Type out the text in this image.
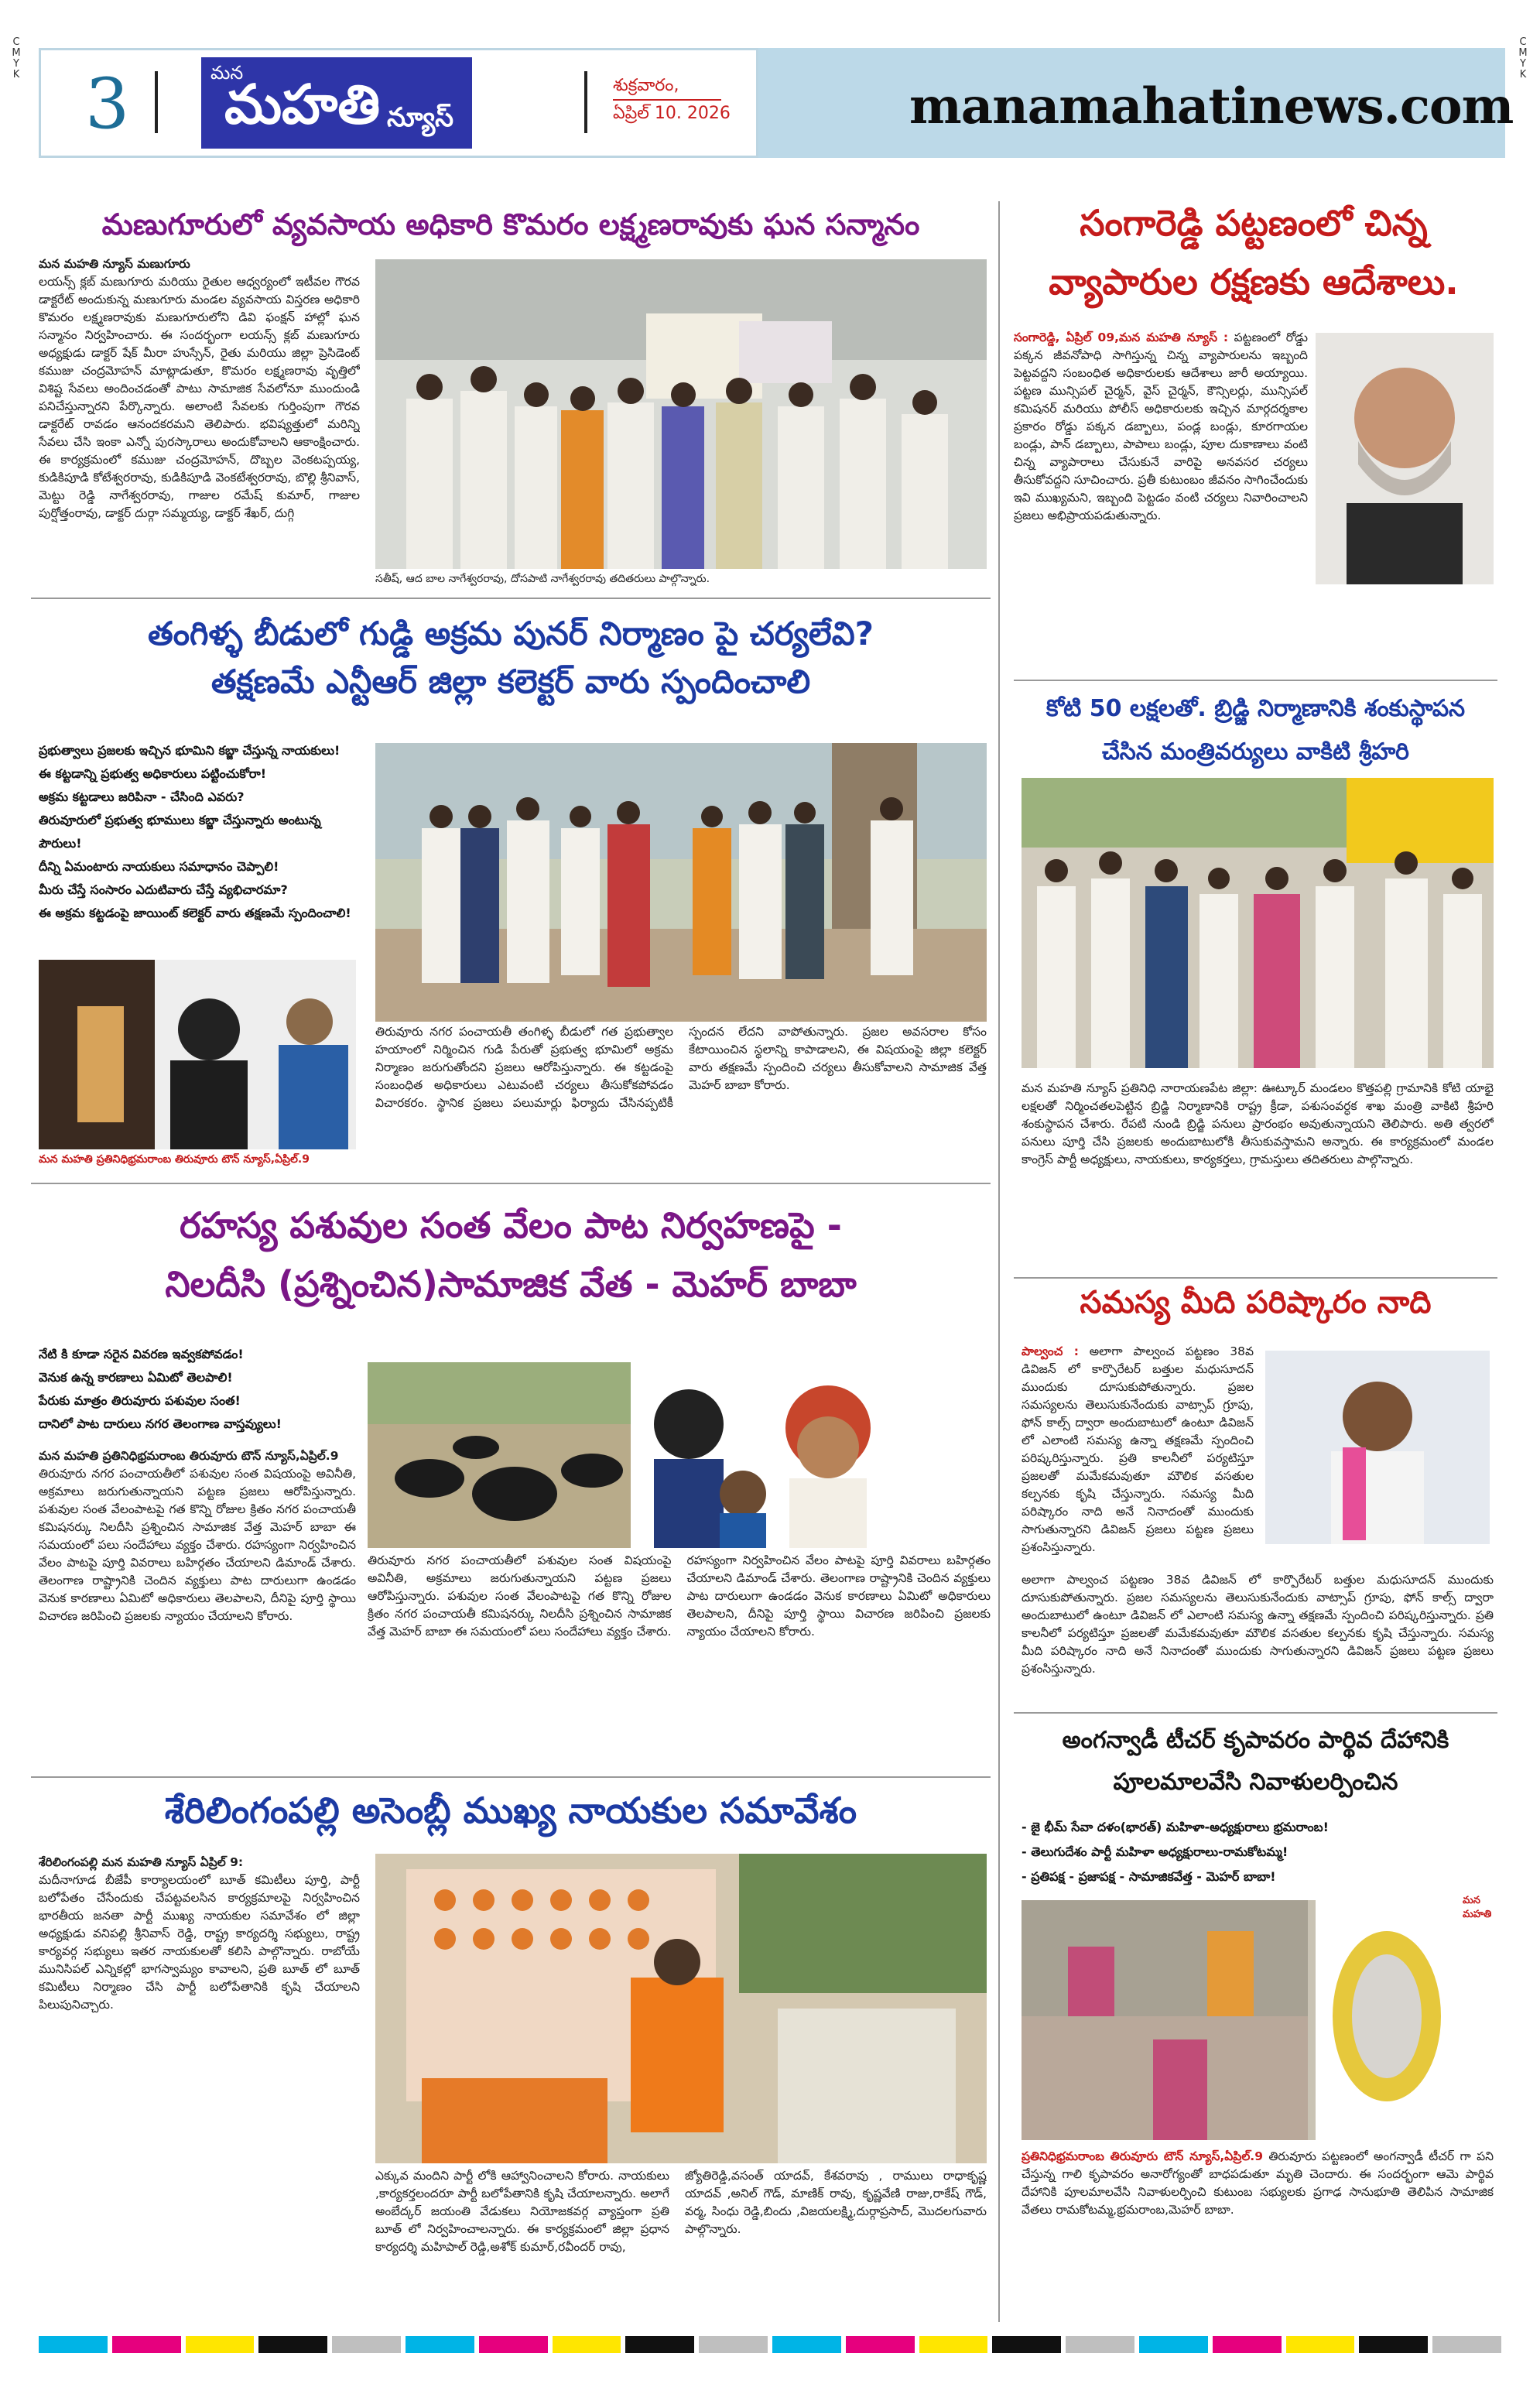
C
M
Y
K
C
M
Y
K
3	మన
మహతి న్యూస్
శుక్రవారం,
ఏప్రిల్ 10. 2026	manamahatinews.com
మణుగూరులో వ్యవసాయ అధికారి కొమరం లక్ష్మణరావుకు ఘన సన్మానం
మన మహతి న్యూస్ మణుగూరు
లయన్స్ క్లబ్ మణుగూరు మరియు రైతుల ఆధ్వర్యంలో ఇటీవల గౌరవ డాక్టరేట్ అందుకున్న మణుగూరు మండల వ్యవసాయ విస్తరణ అధికారి కొమరం లక్ష్మణరావుకు మణుగూరులోని డివి ఫంక్షన్ హాల్లో ఘన సన్మానం నిర్వహించారు. ఈ సందర్భంగా లయన్స్ క్లబ్ మణుగూరు అధ్యక్షుడు డాక్టర్ షేక్ మీరా హుస్సేన్, రైతు మరియు జిల్లా ప్రెసిడెంట్ కముజు చంద్రమోహన్ మాట్లాడుతూ, కొమరం లక్ష్మణరావు వృత్తిలో విశిష్ట సేవలు అందించడంతో పాటు సామాజిక సేవలోనూ ముందుండి పనిచేస్తున్నారని పేర్కొన్నారు. అలాంటి సేవలకు గుర్తింపుగా గౌరవ డాక్టరేట్ రావడం ఆనందకరమని తెలిపారు. భవిష్యత్తులో మరిన్ని సేవలు చేసి ఇంకా ఎన్నో పురస్కారాలు అందుకోవాలని ఆకాంక్షించారు. ఈ కార్యక్రమంలో కముజు చంద్రమోహన్, దొబ్బల వెంకటప్పయ్య, కుడికిపూడి కోటేశ్వరరావు, కుడికిపూడి వెంకటేశ్వరరావు, బొల్లి శ్రీనివాస్, మెట్టు రెడ్డి నాగేశ్వరరావు, గాజుల రమేష్ కుమార్, గాజుల పుర్షోత్తంరావు, డాక్టర్ దుర్గా సమ్మయ్య, డాక్టర్ శేఖర్, దుగ్గి
సతీష్, ఆద బాల నాగేశ్వరరావు, దోసపాటి నాగేశ్వరరావు తదితరులు పాల్గొన్నారు.
తంగిళ్ళ బీడులో గుడ్డి అక్రమ పునర్ నిర్మాణం పై చర్యలేవి?
తక్షణమే ఎన్టీఆర్ జిల్లా కలెక్టర్ వారు స్పందించాలి
ప్రభుత్వాలు ప్రజలకు ఇచ్చిన భూమిని కబ్జా చేస్తున్న నాయకులు!
ఈ కట్టడాన్ని ప్రభుత్వ అధికారులు పట్టించుకోరా!
అక్రమ కట్టడాలు జరిపినా - చేసింది ఎవరు?
తిరువూరులో ప్రభుత్వ భూములు కబ్జా చేస్తున్నారు అంటున్న పౌరులు!
దీన్ని ఏమంటారు నాయకులు సమాధానం చెప్పాలి!
మీరు చేస్తే సంసారం ఎదుటివారు చేస్తే వ్యభిచారమా?
ఈ అక్రమ కట్టడంపై జాయింట్ కలెక్టర్ వారు తక్షణమే స్పందించాలి!
మన మహతి ప్రతినిధిభ్రమరాంబ తిరువూరు టౌన్ న్యూస్,ఏప్రిల్.9
తిరువూరు నగర పంచాయతీ తంగిళ్ళ బీడులో గత ప్రభుత్వాల హయాంలో నిర్మించిన గుడి పేరుతో ప్రభుత్వ భూమిలో అక్రమ నిర్మాణం జరుగుతోందని ప్రజలు ఆరోపిస్తున్నారు. ఈ కట్టడంపై సంబంధిత అధికారులు ఎటువంటి చర్యలు తీసుకోకపోవడం విచారకరం. స్థానిక ప్రజలు పలుమార్లు ఫిర్యాదు చేసినప్పటికీ స్పందన లేదని వాపోతున్నారు. ప్రజల అవసరాల కోసం కేటాయించిన స్థలాన్ని కాపాడాలని, ఈ విషయంపై జిల్లా కలెక్టర్ వారు తక్షణమే స్పందించి చర్యలు తీసుకోవాలని సామాజిక వేత్త మెహర్ బాబా కోరారు.
రహస్య పశువుల సంత వేలం పాట నిర్వహణపై -
నిలదీసి (ప్రశ్నించిన)సామాజిక వేత - మెహర్ బాబా
నేటి కి కూడా సరైన వివరణ ఇవ్వకపోవడం!
వెనుక ఉన్న కారణాలు ఏమిటో తెలపాలి!
పేరుకు మాత్రం తిరువూరు పశువుల సంత!
దానిలో పాట దారులు నగర తెలంగాణ వాస్తవ్యులు!
మన మహతి ప్రతినిధిభ్రమరాంబ తిరువూరు టౌన్ న్యూస్,ఏప్రిల్.9
తిరువూరు నగర పంచాయతీలో పశువుల సంత విషయంపై అవినీతి, అక్రమాలు జరుగుతున్నాయని పట్టణ ప్రజలు ఆరోపిస్తున్నారు. పశువుల సంత వేలంపాటపై గత కొన్ని రోజుల క్రితం నగర పంచాయతీ కమిషనర్కు నిలదీసి ప్రశ్నించిన సామాజిక వేత్త మెహర్ బాబా ఈ సమయంలో పలు సందేహాలు వ్యక్తం చేశారు. రహస్యంగా నిర్వహించిన వేలం పాటపై పూర్తి వివరాలు బహిర్గతం చేయాలని డిమాండ్ చేశారు. తెలంగాణ రాష్ట్రానికి చెందిన వ్యక్తులు పాట దారులుగా ఉండడం వెనుక కారణాలు ఏమిటో అధికారులు తెలపాలని, దీనిపై పూర్తి స్థాయి విచారణ జరిపించి ప్రజలకు న్యాయం చేయాలని కోరారు.
తిరువూరు నగర పంచాయతీలో పశువుల సంత విషయంపై అవినీతి, అక్రమాలు జరుగుతున్నాయని పట్టణ ప్రజలు ఆరోపిస్తున్నారు. పశువుల సంత వేలంపాటపై గత కొన్ని రోజుల క్రితం నగర పంచాయతీ కమిషనర్కు నిలదీసి ప్రశ్నించిన సామాజిక వేత్త మెహర్ బాబా ఈ సమయంలో పలు సందేహాలు వ్యక్తం చేశారు. రహస్యంగా నిర్వహించిన వేలం పాటపై పూర్తి వివరాలు బహిర్గతం చేయాలని డిమాండ్ చేశారు. తెలంగాణ రాష్ట్రానికి చెందిన వ్యక్తులు పాట దారులుగా ఉండడం వెనుక కారణాలు ఏమిటో అధికారులు తెలపాలని, దీనిపై పూర్తి స్థాయి విచారణ జరిపించి ప్రజలకు న్యాయం చేయాలని కోరారు.
శేరిలింగంపల్లి అసెంబ్లీ ముఖ్య నాయకుల సమావేశం
శేరిలింగంపల్లి మన మహతి న్యూస్ ఏప్రిల్ 9:
మదీనాగూడ బీజేపీ కార్యాలయంలో బూత్ కమిటీలు పూర్తి, పార్టీ బలోపేతం చేసేందుకు చేపట్టవలసిన కార్యక్రమాలపై నిర్వహించిన భారతీయ జనతా పార్టీ ముఖ్య నాయకుల సమావేశం లో జిల్లా అధ్యక్షుడు వనిపల్లి శ్రీనివాస్ రెడ్డి, రాష్ట్ర కార్యదర్శి సభ్యులు, రాష్ట్ర కార్యవర్గ సభ్యులు ఇతర నాయకులతో కలిసి పాల్గొన్నారు. రాబోయే మునిసిపల్ ఎన్నికల్లో భాగస్వామ్యం కావాలని, ప్రతి బూత్ లో బూత్ కమిటీలు నిర్మాణం చేసి పార్టీ బలోపేతానికి కృషి చేయాలని పిలుపునిచ్చారు.
ఎక్కువ మందిని పార్టీ లోకి ఆహ్వానించాలని కోరారు. నాయకులు ,కార్యకర్తలందరూ పార్టీ బలోపేతానికి కృషి చేయాలన్నారు. అలాగే అంబేద్కర్ జయంతి వేడుకలు నియోజకవర్గ వ్యాప్తంగా ప్రతి బూత్ లో నిర్వహించాలన్నారు. ఈ కార్యక్రమంలో జిల్లా ప్రధాన కార్యదర్శి మహిపాల్ రెడ్డి,అశోక్ కుమార్,రవీందర్ రావు,
జ్యోతిరెడ్డి,వసంత్ యాదవ్, కేశవరావు , రాములు రాధాకృష్ణ యాదవ్ ,అనిల్ గౌడ్, మాణిక్ రావు, కృష్ణవేణి రాజు,రాకేష్ గౌడ్, వర్మ, సింధు రెడ్డి,బిందు ,విజయలక్ష్మి,దుర్గాప్రసాద్, మొదలగువారు పాల్గొన్నారు.
సంగారెడ్డి పట్టణంలో చిన్న
వ్యాపారుల రక్షణకు ఆదేశాలు.
సంగారెడ్డి, ఏప్రిల్ 09,మన మహతి న్యూస్ : పట్టణంలో రోడ్డు పక్కన జీవనోపాధి సాగిస్తున్న చిన్న వ్యాపారులను ఇబ్బంది పెట్టవద్దని సంబంధిత అధికారులకు ఆదేశాలు జారీ అయ్యాయి. పట్టణ మున్సిపల్ చైర్మన్, వైస్ చైర్మన్, కౌన్సిలర్లు, మున్సిపల్ కమిషనర్ మరియు పోలీస్ అధికారులకు ఇచ్చిన మార్గదర్శకాల ప్రకారం రోడ్డు పక్కన డబ్బాలు, పండ్ల బండ్లు, కూరగాయల బండ్లు, పాన్ డబ్బాలు, పాపాలు బండ్లు, పూల దుకాణాలు వంటి చిన్న వ్యాపారాలు చేసుకునే వారిపై అనవసర చర్యలు తీసుకోవద్దని సూచించారు. ప్రతీ కుటుంబం జీవనం సాగించేందుకు ఇవి ముఖ్యమని, ఇబ్బంది పెట్టడం వంటి చర్యలు నివారించాలని ప్రజలు అభిప్రాయపడుతున్నారు.
కోటి 50 లక్షలతో. బ్రిడ్జి నిర్మాణానికి శంకుస్థాపన
చేసిన మంత్రివర్యులు వాకిటి శ్రీహరి
మన మహతి న్యూస్ ప్రతినిధి నారాయణపేట జిల్లా: ఊట్కూర్ మండలం కొత్తపల్లి గ్రామానికి కోటి యాభై లక్షలతో నిర్మించతలపెట్టిన బ్రిడ్జి నిర్మాణానికి రాష్ట్ర క్రీడా, పశుసంవర్ధక శాఖ మంత్రి వాకిటి శ్రీహరి శంకుస్థాపన చేశారు. రేపటి నుండి బ్రిడ్జి పనులు ప్రారంభం అవుతున్నాయని తెలిపారు. అతి త్వరలో పనులు పూర్తి చేసి ప్రజలకు అందుబాటులోకి తీసుకువస్తామని అన్నారు. ఈ కార్యక్రమంలో మండల కాంగ్రెస్ పార్టీ అధ్యక్షులు, నాయకులు, కార్యకర్తలు, గ్రామస్తులు తదితరులు పాల్గొన్నారు.
సమస్య మీది పరిష్కారం నాది
పాల్వంచ : అలాగా పాల్వంచ పట్టణం 38వ డివిజన్ లో కార్పొరేటర్ బత్తుల మధుసూదన్ ముందుకు దూసుకుపోతున్నారు. ప్రజల సమస్యలను తెలుసుకునేందుకు వాట్సాప్ గ్రూపు, ఫోన్ కాల్స్ ద్వారా అందుబాటులో ఉంటూ డివిజన్ లో ఎలాంటి సమస్య ఉన్నా తక్షణమే స్పందించి పరిష్కరిస్తున్నారు. ప్రతి కాలనీలో పర్యటిస్తూ ప్రజలతో మమేకమవుతూ మౌలిక వసతుల కల్పనకు కృషి చేస్తున్నారు. సమస్య మీది పరిష్కారం నాది అనే నినాదంతో ముందుకు సాగుతున్నారని డివిజన్ ప్రజలు పట్టణ ప్రజలు ప్రశంసిస్తున్నారు.
అలాగా పాల్వంచ పట్టణం 38వ డివిజన్ లో కార్పొరేటర్ బత్తుల మధుసూదన్ ముందుకు దూసుకుపోతున్నారు. ప్రజల సమస్యలను తెలుసుకునేందుకు వాట్సాప్ గ్రూపు, ఫోన్ కాల్స్ ద్వారా అందుబాటులో ఉంటూ డివిజన్ లో ఎలాంటి సమస్య ఉన్నా తక్షణమే స్పందించి పరిష్కరిస్తున్నారు. ప్రతి కాలనీలో పర్యటిస్తూ ప్రజలతో మమేకమవుతూ మౌలిక వసతుల కల్పనకు కృషి చేస్తున్నారు. సమస్య మీది పరిష్కారం నాది అనే నినాదంతో ముందుకు సాగుతున్నారని డివిజన్ ప్రజలు పట్టణ ప్రజలు ప్రశంసిస్తున్నారు.
అంగన్వాడీ టీచర్ కృపావరం పార్థివ దేహానికి
పూలమాలవేసి నివాళులర్పించిన
- జై భీమ్ సేవా దళం(భారత్) మహిళా-అధ్యక్షురాలు భ్రమరాంబ!
- తెలుగుదేశం పార్టీ మహిళా అధ్యక్షురాలు-రామకోటమ్మ!
- ప్రతిపక్ష - ప్రజాపక్ష - సామాజికవేత్త - మెహర్ బాబా!
మన మహతి
ప్రతినిధిభ్రమరాంబ తిరువూరు టౌన్ న్యూస్,ఏప్రిల్.9 తిరువూరు పట్టణంలో అంగన్వాడీ టీచర్ గా పని చేస్తున్న గాలి కృపావరం అనారోగ్యంతో బాధపడుతూ మృతి చెందారు. ఈ సందర్భంగా ఆమె పార్థివ దేహానికి పూలమాలవేసి నివాళులర్పించి కుటుంబ సభ్యులకు ప్రగాఢ సానుభూతి తెలిపిన సామాజిక వేతలు రామకోటమ్మ,భ్రమరాంబ,మెహర్ బాబా.
